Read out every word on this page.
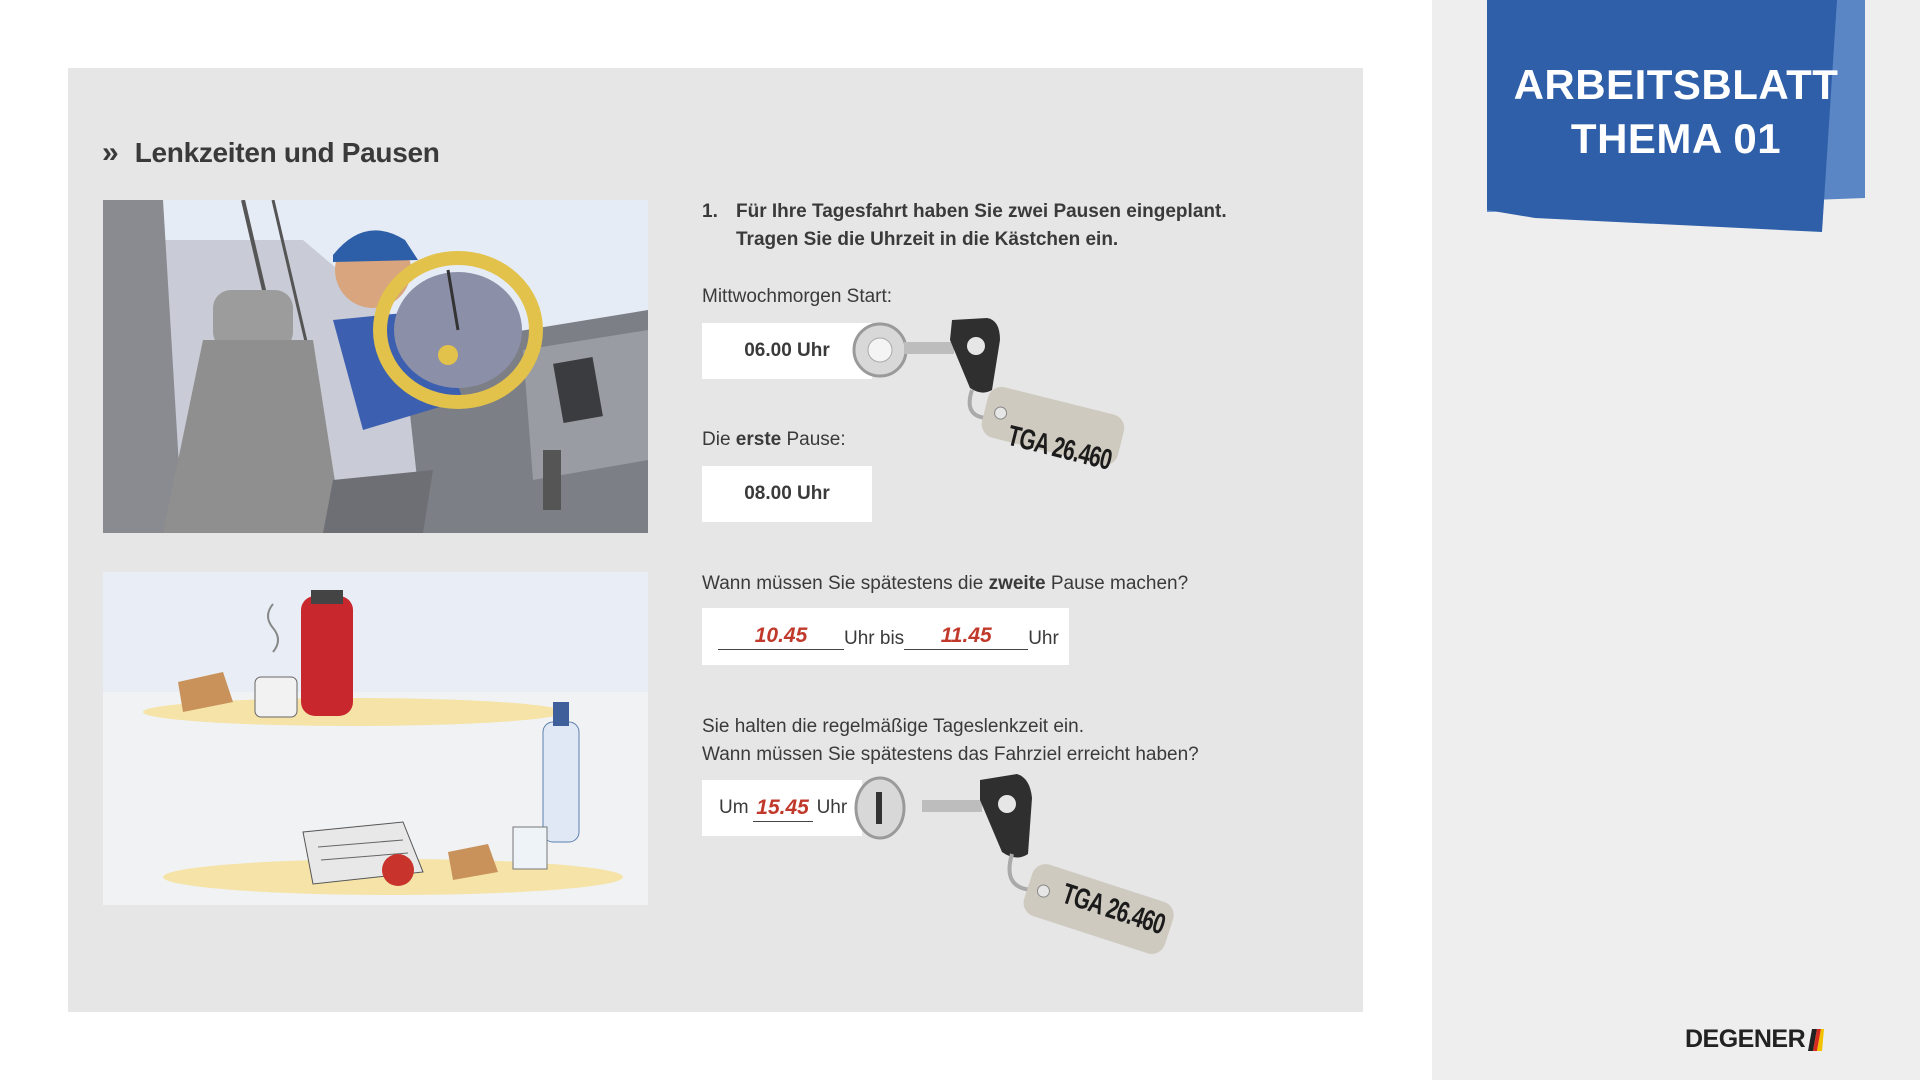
ARBEITSBLATT
THEMA 01
DEGENER
» Lenkzeiten und Pausen
1. Für Ihre Tagesfahrt haben Sie zwei Pausen eingeplant.
Tragen Sie die Uhrzeit in die Kästchen ein.
Mittwochmorgen Start:
06.00 Uhr
Die erste Pause:
08.00 Uhr
Wann müssen Sie spätestens die zweite Pause machen?
10.45	Uhr bis	11.45	Uhr
Sie halten die regelmäßige Tageslenkzeit ein.
Wann müssen Sie spätestens das Fahrziel erreicht haben?
Um 15.45 Uhr
TGA 26.460
TGA 26.460
